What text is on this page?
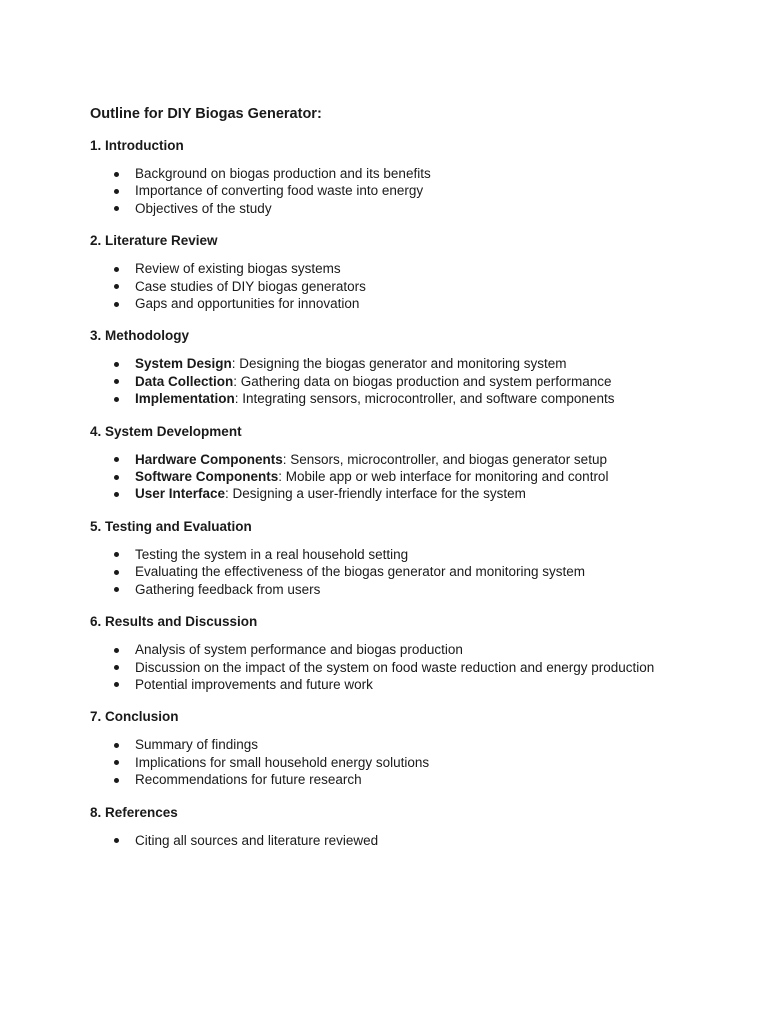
Outline for DIY Biogas Generator:
1. Introduction
Background on biogas production and its benefits
Importance of converting food waste into energy
Objectives of the study
2. Literature Review
Review of existing biogas systems
Case studies of DIY biogas generators
Gaps and opportunities for innovation
3. Methodology
System Design: Designing the biogas generator and monitoring system
Data Collection: Gathering data on biogas production and system performance
Implementation: Integrating sensors, microcontroller, and software components
4. System Development
Hardware Components: Sensors, microcontroller, and biogas generator setup
Software Components: Mobile app or web interface for monitoring and control
User Interface: Designing a user-friendly interface for the system
5. Testing and Evaluation
Testing the system in a real household setting
Evaluating the effectiveness of the biogas generator and monitoring system
Gathering feedback from users
6. Results and Discussion
Analysis of system performance and biogas production
Discussion on the impact of the system on food waste reduction and energy production
Potential improvements and future work
7. Conclusion
Summary of findings
Implications for small household energy solutions
Recommendations for future research
8. References
Citing all sources and literature reviewed
